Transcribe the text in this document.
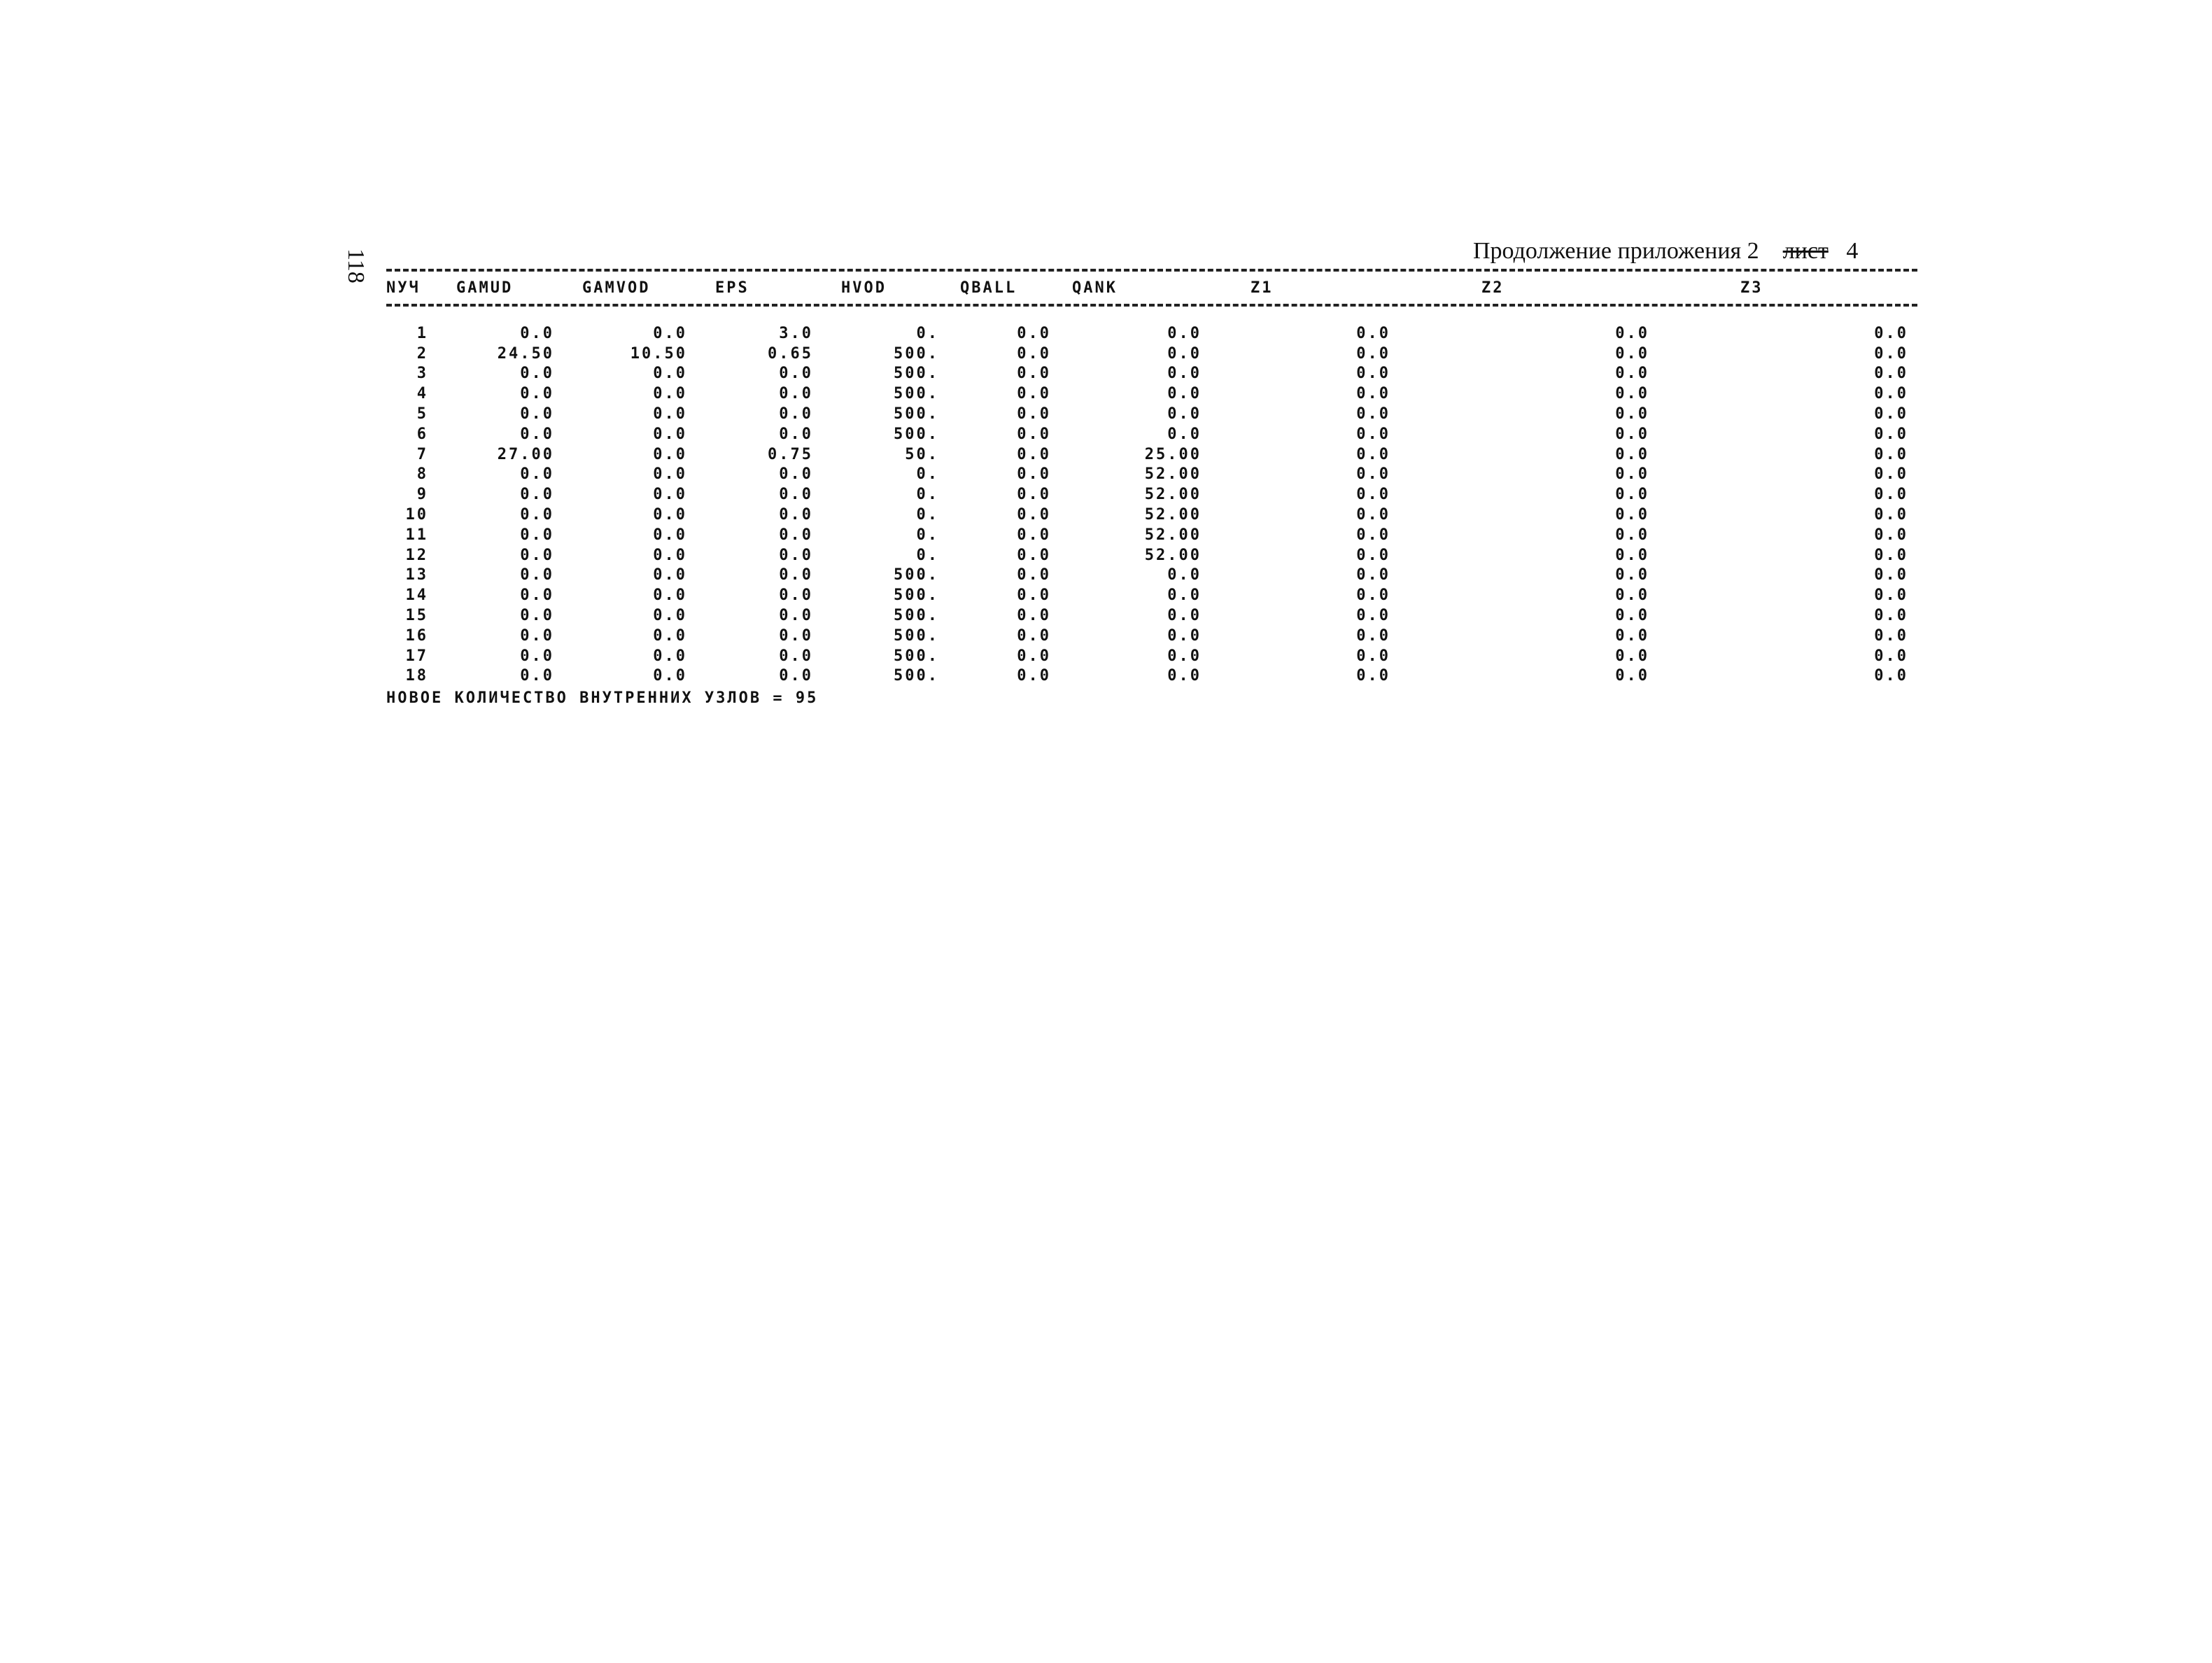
118	Продолжение приложения 2 лист 4
NУЧ	GAMUD	GAMVOD	EPS	HVOD	QBALL	QANK	Z1	Z2	Z3
1	0.0	0.0	3.0	0.	0.0	0.0	0.0	0.0	0.0
2	24.50	10.50	0.65	500.	0.0	0.0	0.0	0.0	0.0
3	0.0	0.0	0.0	500.	0.0	0.0	0.0	0.0	0.0
4	0.0	0.0	0.0	500.	0.0	0.0	0.0	0.0	0.0
5	0.0	0.0	0.0	500.	0.0	0.0	0.0	0.0	0.0
6	0.0	0.0	0.0	500.	0.0	0.0	0.0	0.0	0.0
7	27.00	0.0	0.75	50.	0.0	25.00	0.0	0.0	0.0
8	0.0	0.0	0.0	0.	0.0	52.00	0.0	0.0	0.0
9	0.0	0.0	0.0	0.	0.0	52.00	0.0	0.0	0.0
10	0.0	0.0	0.0	0.	0.0	52.00	0.0	0.0	0.0
11	0.0	0.0	0.0	0.	0.0	52.00	0.0	0.0	0.0
12	0.0	0.0	0.0	0.	0.0	52.00	0.0	0.0	0.0
13	0.0	0.0	0.0	500.	0.0	0.0	0.0	0.0	0.0
14	0.0	0.0	0.0	500.	0.0	0.0	0.0	0.0	0.0
15	0.0	0.0	0.0	500.	0.0	0.0	0.0	0.0	0.0
16	0.0	0.0	0.0	500.	0.0	0.0	0.0	0.0	0.0
17	0.0	0.0	0.0	500.	0.0	0.0	0.0	0.0	0.0
18	0.0	0.0	0.0	500.	0.0	0.0	0.0	0.0	0.0
НОВОЕ КОЛИЧЕСТВО ВНУТРЕННИХ УЗЛОВ = 95
